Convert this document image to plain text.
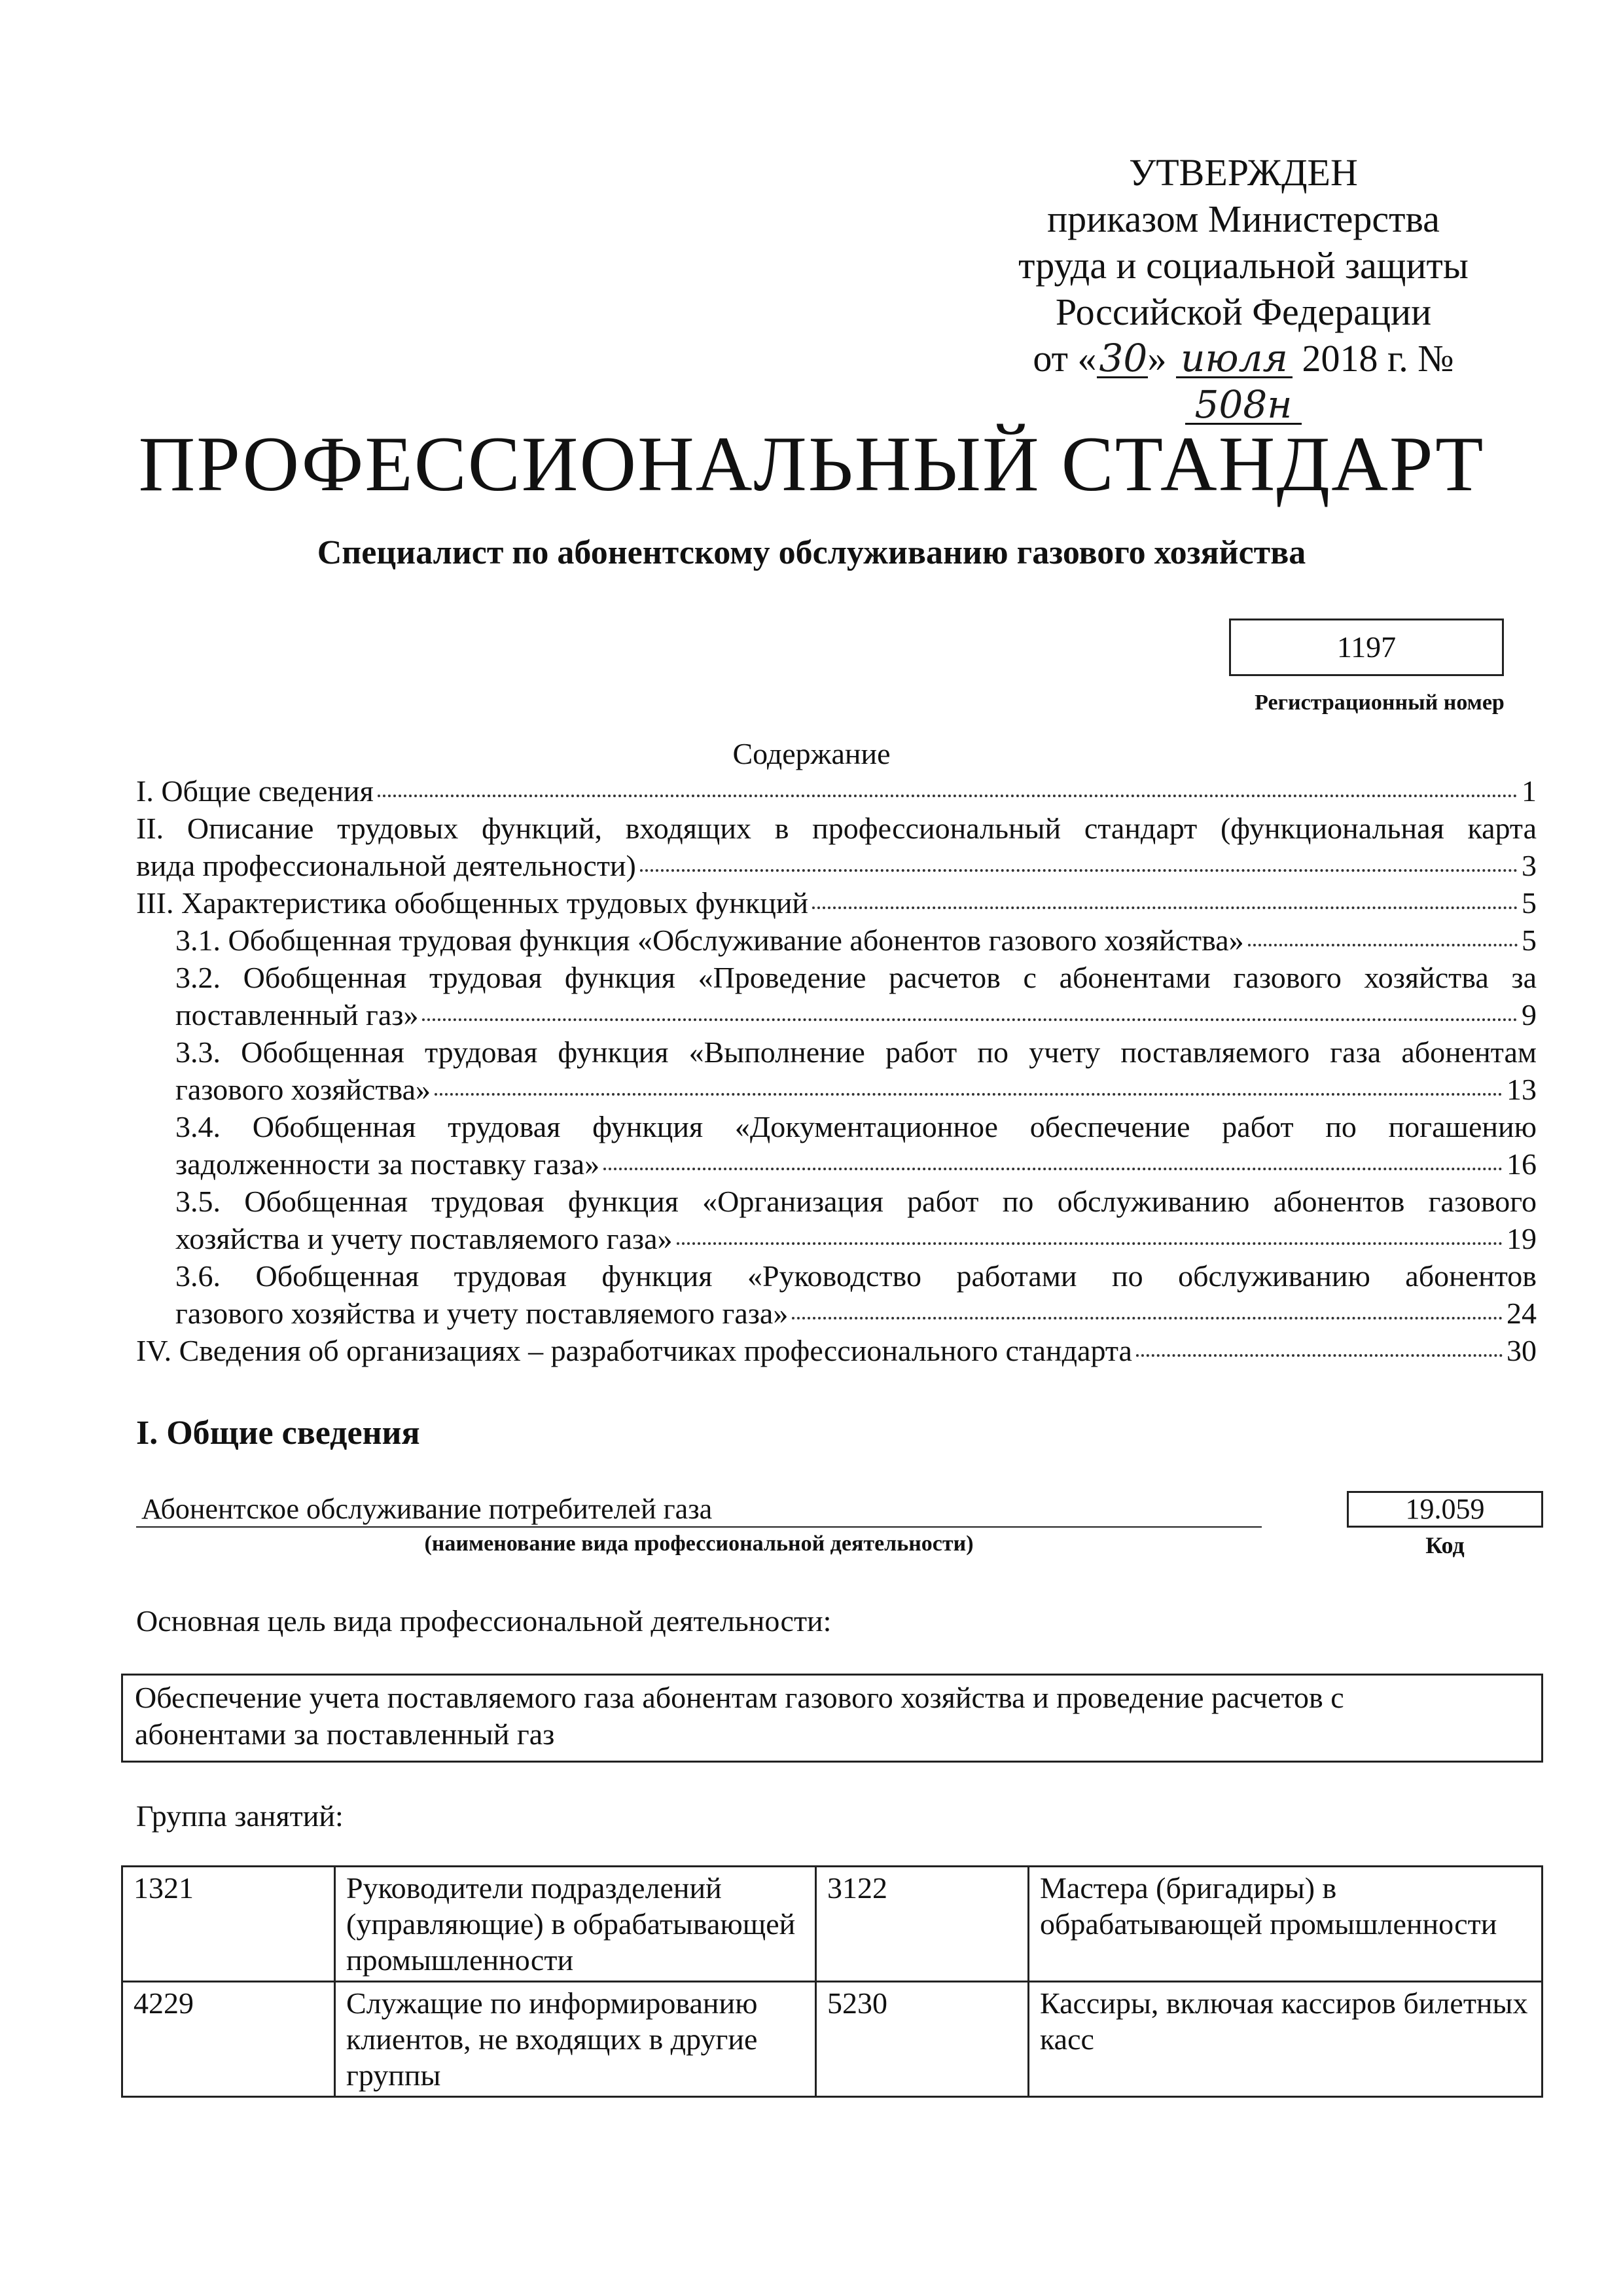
УТВЕРЖДЕН
приказом Министерства
труда и социальной защиты
Российской Федерации
от «30» июля 2018 г. №508н
ПРОФЕССИОНАЛЬНЫЙ СТАНДАРТ
Специалист по абонентскому обслуживанию газового хозяйства
1197
Регистрационный номер
Содержание
I. Общие сведения	1
II. Описание трудовых функций, входящих в профессиональный стандарт (функциональная карта
вида профессиональной деятельности)	3
III. Характеристика обобщенных трудовых функций	5
3.1. Обобщенная трудовая функция «Обслуживание абонентов газового хозяйства»	5
3.2. Обобщенная трудовая функция «Проведение расчетов с абонентами газового хозяйства за
поставленный газ»	9
3.3. Обобщенная трудовая функция «Выполнение работ по учету поставляемого газа абонентам
газового хозяйства»	13
3.4. Обобщенная трудовая функция «Документационное обеспечение работ по погашению
задолженности за поставку газа»	16
3.5. Обобщенная трудовая функция «Организация работ по обслуживанию абонентов газового
хозяйства и учету поставляемого газа»	19
3.6. Обобщенная трудовая функция «Руководство работами по обслуживанию абонентов
газового хозяйства и учету поставляемого газа»	24
IV. Сведения об организациях – разработчиках профессионального стандарта	30
I. Общие сведения
Абонентское обслуживание потребителей газа
(наименование вида профессиональной деятельности)
19.059
Код
Основная цель вида профессиональной деятельности:
Обеспечение учета поставляемого газа абонентам газового хозяйства и проведение расчетов с
абонентами за поставленный газ
Группа занятий:
1321	Руководители подразделений (управляющие) в обрабатывающей промышленности	3122	Мастера (бригадиры) в обрабатывающей промышленности
4229	Служащие по информированию клиентов, не входящих в другие группы	5230	Кассиры, включая кассиров билетных касс
